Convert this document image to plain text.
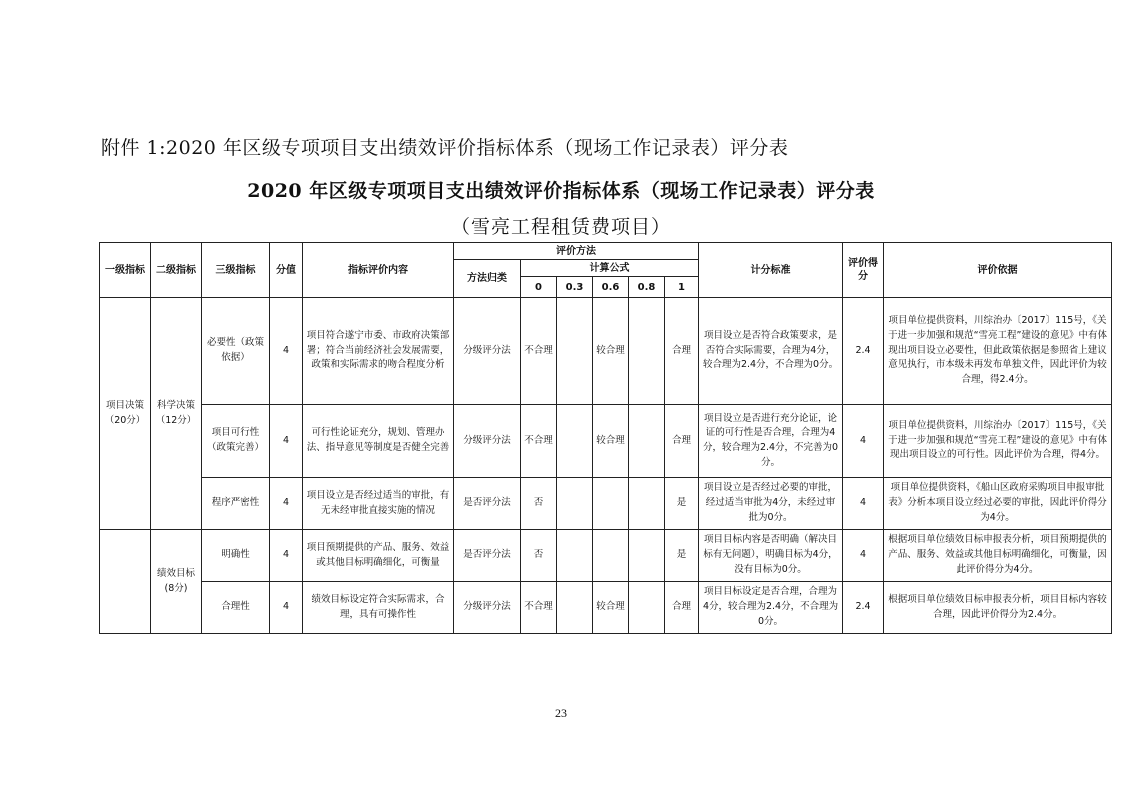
附件 1:2020 年区级专项项目支出绩效评价指标体系（现场工作记录表）评分表
2020 年区级专项项目支出绩效评价指标体系（现场工作记录表）评分表
（雪亮工程租赁费项目）
一级指标	二级指标	三级指标	分值	指标评价内容	评价方法						计分标准	评价得分	评价依据
					方法归类	计算公式							
						0	0.3	0.6	0.8	1			
项目决策（20分）	科学决策（12分）	必要性（政策依据）	4	项目符合遂宁市委、市政府决策部署；符合当前经济社会发展需要，政策和实际需求的吻合程度分析	分级评分法	不合理		较合理		合理	项目设立是否符合政策要求，是否符合实际需要，合理为4分，较合理为2.4分，不合理为0分。	2.4	项目单位提供资料，川综治办〔2017〕115号，《关于进一步加强和规范“雪亮工程”建设的意见》中有体现出项目设立必要性，但此政策依据是参照省上建议意见执行，市本级未再发布单独文件，因此评价为较合理，得2.4分。
		项目可行性（政策完善）	4	可行性论证充分，规划、管理办法、指导意见等制度是否健全完善	分级评分法	不合理		较合理		合理	项目设立是否进行充分论证，论证的可行性是否合理，合理为4分，较合理为2.4分，不完善为0分。	4	项目单位提供资料，川综治办〔2017〕115号，《关于进一步加强和规范“雪亮工程”建设的意见》中有体现出项目设立的可行性。因此评价为合理，得4分。
		程序严密性	4	项目设立是否经过适当的审批，有无未经审批直接实施的情况	是否评分法	否				是	项目设立是否经过必要的审批，经过适当审批为4分，未经过审批为0分。	4	项目单位提供资料，《船山区政府采购项目申报审批表》分析本项目设立经过必要的审批，因此评价得分为4分。
	绩效目标(8分)	明确性	4	项目预期提供的产品、服务、效益或其他目标明确细化，可衡量	是否评分法	否				是	项目目标内容是否明确（解决目标有无问题），明确目标为4分，没有目标为0分。	4	根据项目单位绩效目标申报表分析，项目预期提供的产品、服务、效益或其他目标明确细化，可衡量，因此评价得分为4分。
		合理性	4	绩效目标设定符合实际需求，合理，具有可操作性	分级评分法	不合理		较合理		合理	项目目标设定是否合理，合理为4分，较合理为2.4分，不合理为0分。	2.4	根据项目单位绩效目标申报表分析，项目目标内容较合理，因此评价得分为2.4分。
23
